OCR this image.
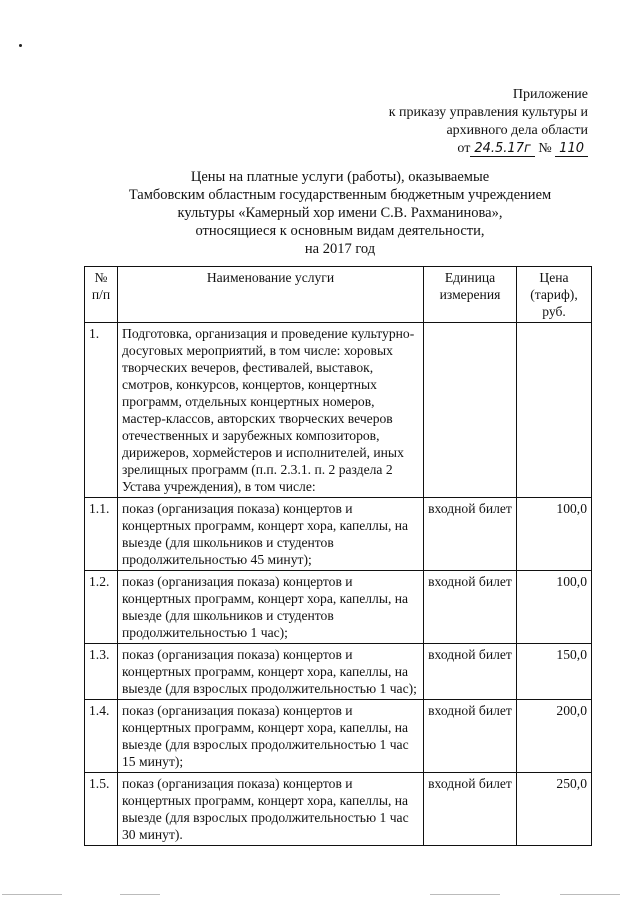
Приложение
к приказу управления культуры и
архивного дела области
от 24.5.17г № 110
Цены на платные услуги (работы), оказываемые
Тамбовским областным государственным бюджетным учреждением
культуры «Камерный хор имени С.В. Рахманинова»,
относящиеся к основным видам деятельности,
на 2017 год
№ п/п	Наименование услуги	Единица измерения	Цена (тариф), руб.
1.	Подготовка, организация и проведение культурно-досуговых мероприятий, в том числе: хоровых творческих вечеров, фестивалей, выставок, смотров, конкурсов, концертов, концертных программ, отдельных концертных номеров, мастер-классов, авторских творческих вечеров отечественных и зарубежных композиторов, дирижеров, хормейстеров и исполнителей, иных зрелищных программ (п.п. 2.3.1. п. 2 раздела 2 Устава учреждения), в том числе:		
1.1.	показ (организация показа) концертов и концертных программ, концерт хора, капеллы, на выезде (для школьников и студентов продолжительностью 45 минут);	входной билет	100,0
1.2.	показ (организация показа) концертов и концертных программ, концерт хора, капеллы, на выезде (для школьников и студентов продолжительностью 1 час);	входной билет	100,0
1.3.	показ (организация показа) концертов и концертных программ, концерт хора, капеллы, на выезде (для взрослых продолжительностью 1 час);	входной билет	150,0
1.4.	показ (организация показа) концертов и концертных программ, концерт хора, капеллы, на выезде (для взрослых продолжительностью 1 час 15 минут);	входной билет	200,0
1.5.	показ (организация показа) концертов и концертных программ, концерт хора, капеллы, на выезде (для взрослых продолжительностью 1 час 30 минут).	входной билет	250,0
